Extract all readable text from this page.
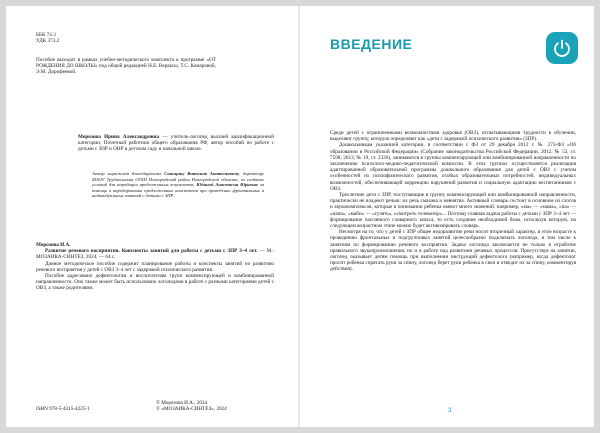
ББК 74.3

УДК 373.2

Пособие выходит в рамках учебно-методического комплекта к программе «ОТ РОЖДЕНИЯ ДО ШКОЛЫ» под общей редакцией Н.Е. Вераксы, Т.С. Комаровой, Э.М. Дорофеевой.

Морозова Ирина Александровна — учитель-логопед высшей квалификационной категории, Почетный работник общего образования РФ, автор пособий по работе с детьми с ЗПР и ОНР в детском саду и начальной школе.

Автор выражает благодарность Саницину Виталию Анатольевичу, директору МАОУ Трубичинская ООШ Новгородский район Новгородской области, за создание условий для апробации предложенных конспектов; Юдиной Анастасии Юрьевне за помощь в апробировании предложенных конспектов при проведении фронтальных и индивидуальных занятий с детьми с ЗПР.

Морозова И.А.

Развитие речевого восприятия. Конспекты занятий для работы с детьми с ЗПР 3–4 лет. — М.: МОЗАИКА-СИНТЕЗ, 2024. — 64 с.

Данное методическое пособие содержит планирование работы и конспекты занятий по развитию речевого восприятия у детей с ОВЗ 3–4 лет с задержкой психического развития.

Пособие адресовано дефектологам и воспитателям групп компенсирующей и комбинированной направленности. Оно также может быть использовано логопедами в работе с разными категориями детей с ОВЗ, а также родителями.

ISBN 978-5-4315-4225-1

© Морозова И.А., 2024

© «МОЗАИКА-СИНТЕЗ», 2024

ВВЕДЕНИЕ

Среди детей с ограниченными возможностями здоровья (ОВЗ), испытывающими трудности в обучении, выделяют группу, которую определяют как «дети с задержкой психического развития» (ЗПР).

Дошкольникам указанной категории, в соответствии с ФЗ от 29 декабря 2012 г. № 273-ФЗ «Об образовании в Российской Федерации» (Собрание законодательства Российской Федерации, 2012, № 53, ст. 7598; 2013, № 19, ст. 2326), занимаются в группы компенсирующей или комбинированной направленности по заключению психолого-медико-педагогической комиссии. В этих группах осуществляется реализация адаптированной образовательной программы дошкольного образования для детей с ОВЗ с учетом особенностей их психофизического развития, особых образовательных потребностей, индивидуальных возможностей, обеспечивающей коррекцию нарушений развития и социальную адаптацию воспитанников с ОВЗ.

Трехлетние дети с ЗПР, поступающие в группу компенсирующей или комбинированной направленности, практически не владеют речью: их речь смазана и невнятна. Активный словарь состоит в основном из слогов и звукокомплексов, которые в понимании ребенка имеют много значений: например, «ма» — «мама», «па» — «папа»; «мабн» — «гулять», «смотреть телевизор»... Поэтому главная задача работы с детьми с ЗПР 3–4 лет — формирование пассивного словарного запаса, то есть создание необходимой базы, используя которую, на следующем возрастном этапе можно будет активизировать словарь.

Несмотря на то, что у детей с ЗПР общее недоразвитие речи носит вторичный характер, в этом возрасте к проведению фронтальных и подгрупповых занятий целесообразно подключать логопеда, в том числе к занятиям по формированию речевого восприятия. Задача логопеда заключается не только в отработке правильного звукопроизношения, но и в работе над развитием речевых процессов. Присутствуя на занятии, логопед оказывает детям помощь при выполнении инструкций дефектолога (например, когда дефектолог просит ребенка спрятать руки за спину, логопед берет руки ребенка в свои и отводит их за спину, комментируя действия).

3
